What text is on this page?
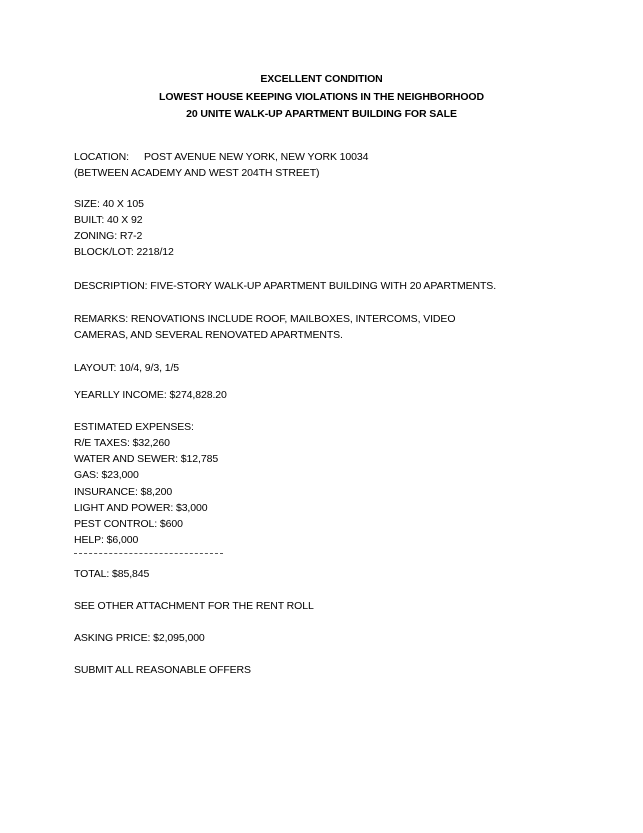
EXCELLENT CONDITION
LOWEST HOUSE KEEPING VIOLATIONS IN THE NEIGHBORHOOD
20 UNITE WALK-UP APARTMENT BUILDING FOR SALE
LOCATION: POST AVENUE NEW YORK, NEW YORK 10034
(BETWEEN ACADEMY AND WEST 204TH STREET)
SIZE: 40 X 105
BUILT: 40 X 92
ZONING: R7-2
BLOCK/LOT: 2218/12
DESCRIPTION: FIVE-STORY WALK-UP APARTMENT BUILDING WITH 20 APARTMENTS.
REMARKS: RENOVATIONS INCLUDE ROOF, MAILBOXES, INTERCOMS, VIDEO
CAMERAS, AND SEVERAL RENOVATED APARTMENTS.
LAYOUT: 10/4, 9/3, 1/5
YEARLLY INCOME: $274,828.20
ESTIMATED EXPENSES:
R/E TAXES: $32,260
WATER AND SEWER: $12,785
GAS: $23,000
INSURANCE: $8,200
LIGHT AND POWER: $3,000
PEST CONTROL: $600
HELP: $6,000
TOTAL: $85,845
SEE OTHER ATTACHMENT FOR THE RENT ROLL
ASKING PRICE: $2,095,000
SUBMIT ALL REASONABLE OFFERS
